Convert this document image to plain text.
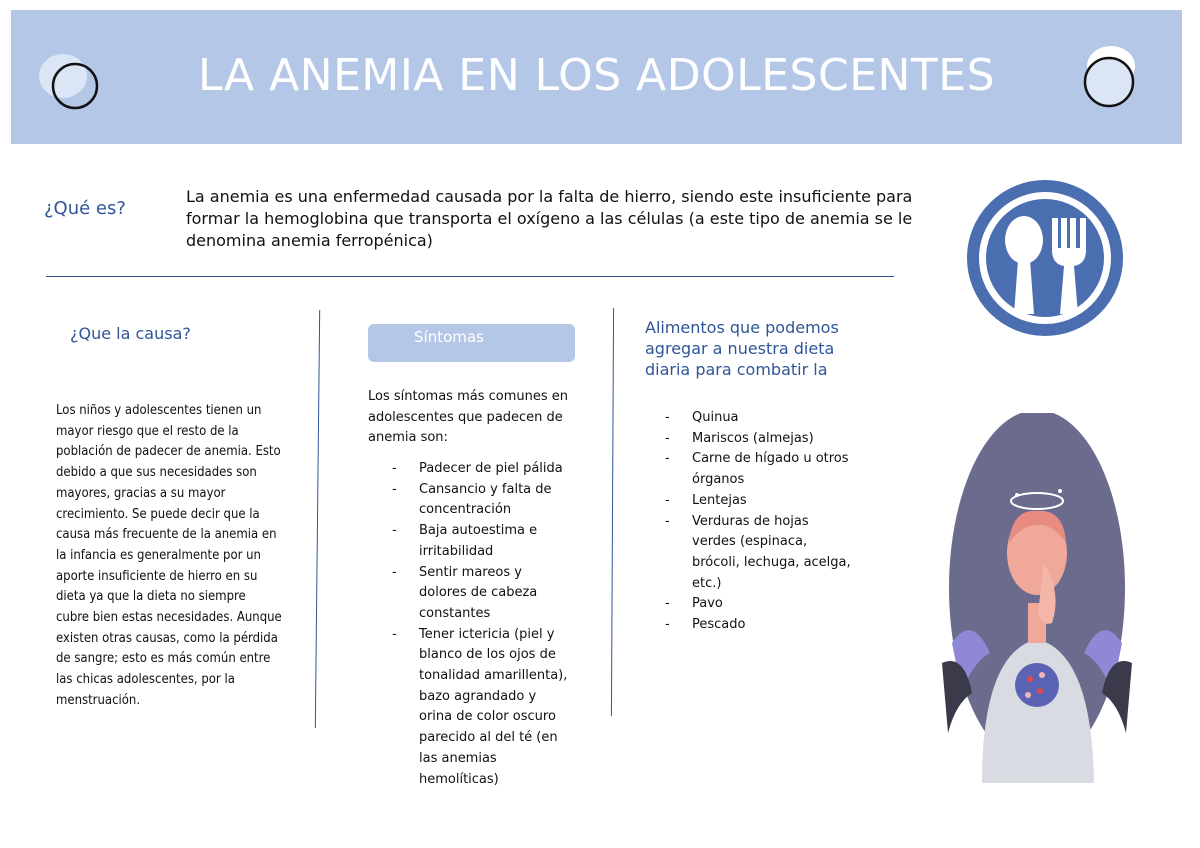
LA ANEMIA EN LOS ADOLESCENTES
¿Qué es?
La anemia es una enfermedad causada por la falta de hierro, siendo este insuficiente para formar la hemoglobina que transporta el oxígeno a las células (a este tipo de anemia se le denomina anemia ferropénica)
¿Que la causa?
Los niños y adolescentes tienen un mayor riesgo que el resto de la población de padecer de anemia. Esto debido a que sus necesidades son mayores, gracias a su mayor crecimiento. Se puede decir que la causa más frecuente de la anemia en la infancia es generalmente por un aporte insuficiente de hierro en su dieta ya que la dieta no siempre cubre bien estas necesidades. Aunque existen otras causas, como la pérdida de sangre; esto es más común entre las chicas adolescentes, por la menstruación.
Síntomas
Los síntomas más comunes en adolescentes que padecen de anemia son:
- Padecer de piel pálida
- Cansancio y falta de concentración
- Baja autoestima e irritabilidad
- Sentir mareos y dolores de cabeza constantes
- Tener ictericia (piel y blanco de los ojos de tonalidad amarillenta), bazo agrandado y orina de color oscuro parecido al del té (en las anemias hemolíticas)
Alimentos que podemos agregar a nuestra dieta diaria para combatir la
- Quinua
- Mariscos (almejas)
- Carne de hígado u otros órganos
- Lentejas
- Verduras de hojas verdes (espinaca, brócoli, lechuga, acelga, etc.)
- Pavo
- Pescado
